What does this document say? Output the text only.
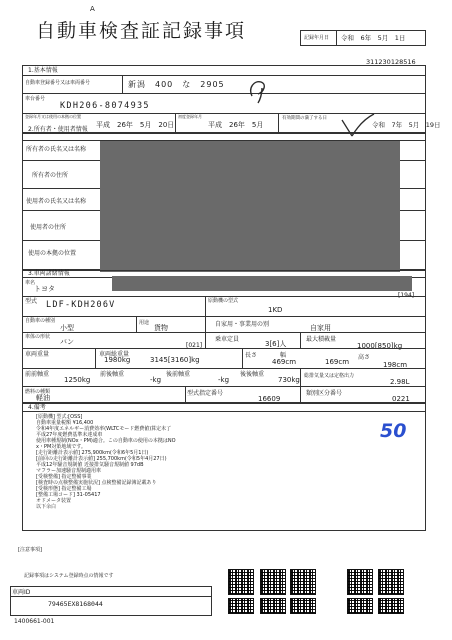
A
自動車検査証記録事項	記録年月日 令和　6年　5月　1日
311230128516
1.基本情報
自動車登録番号又は車両番号	新潟　400　な　2905
車台番号
KDH206-8074935
登録年月又は使用の本拠の位置
平成　26年　5月　20日
初度登録年月
平成　26年　5月
有効期間の満了する日
令和　7年　5月　19日
2.所有者・使用者情報
所有者の氏名又は名称
所有者の住所
使用者の氏名又は名称
使用者の住所
使用の本拠の位置
3.車両諸緒情報
車名
トヨタ
[194]
型式 LDF-KDH206V	原動機の型式
1KD
自動車の種別
小型
用途
貨物	自家用・事業用の別	自家用
車体の形状
バン	[021]
乗車定員
3[6]人
最大積載量
1000[850]kg
車両重量
1980kg
車両総重量
3145[3160]kg
長さ
469cm
幅
169cm
高さ
198cm
前前軸重
1250kg
前後軸重
-kg
後前軸重
-kg
後後軸重
730kg 総排気量又は定格出力
2.98L
燃料の種類
軽油
型式指定番号
16609
類別区分番号
0221
4.備考
[原動機] 型式:[OSS]
自動車重量税額 ¥16,400
令和4年度エネルギー消費効率(WLTCモード燃費値)算定未了
平成27年度燃費基準未達成車
使用車種規制(NOx・PM)適合。この自動車の使用の本拠はNO
x・PM対策地域です。
[走行距離計表示値] 275,900km(令和6年5月1日)
[前回の走行距離計表示値] 255,700km(令和5年4月27日)
平成12年騒音規制値 近接排気騒音規制値 97dB
マフラー加速騒音規制適用車
[受検整備] 指定整備事業
[検査時の点検整備実施状況] 点検整備記録簿記載あり
[受検形態] 指定整備工場
[整備工場コード] 31-05417
オドメータ装置
以下余白
50
[注意事項]
記録事項はシステム登録時点の情報です
車両ID
79465EX8168044
1400661-001
